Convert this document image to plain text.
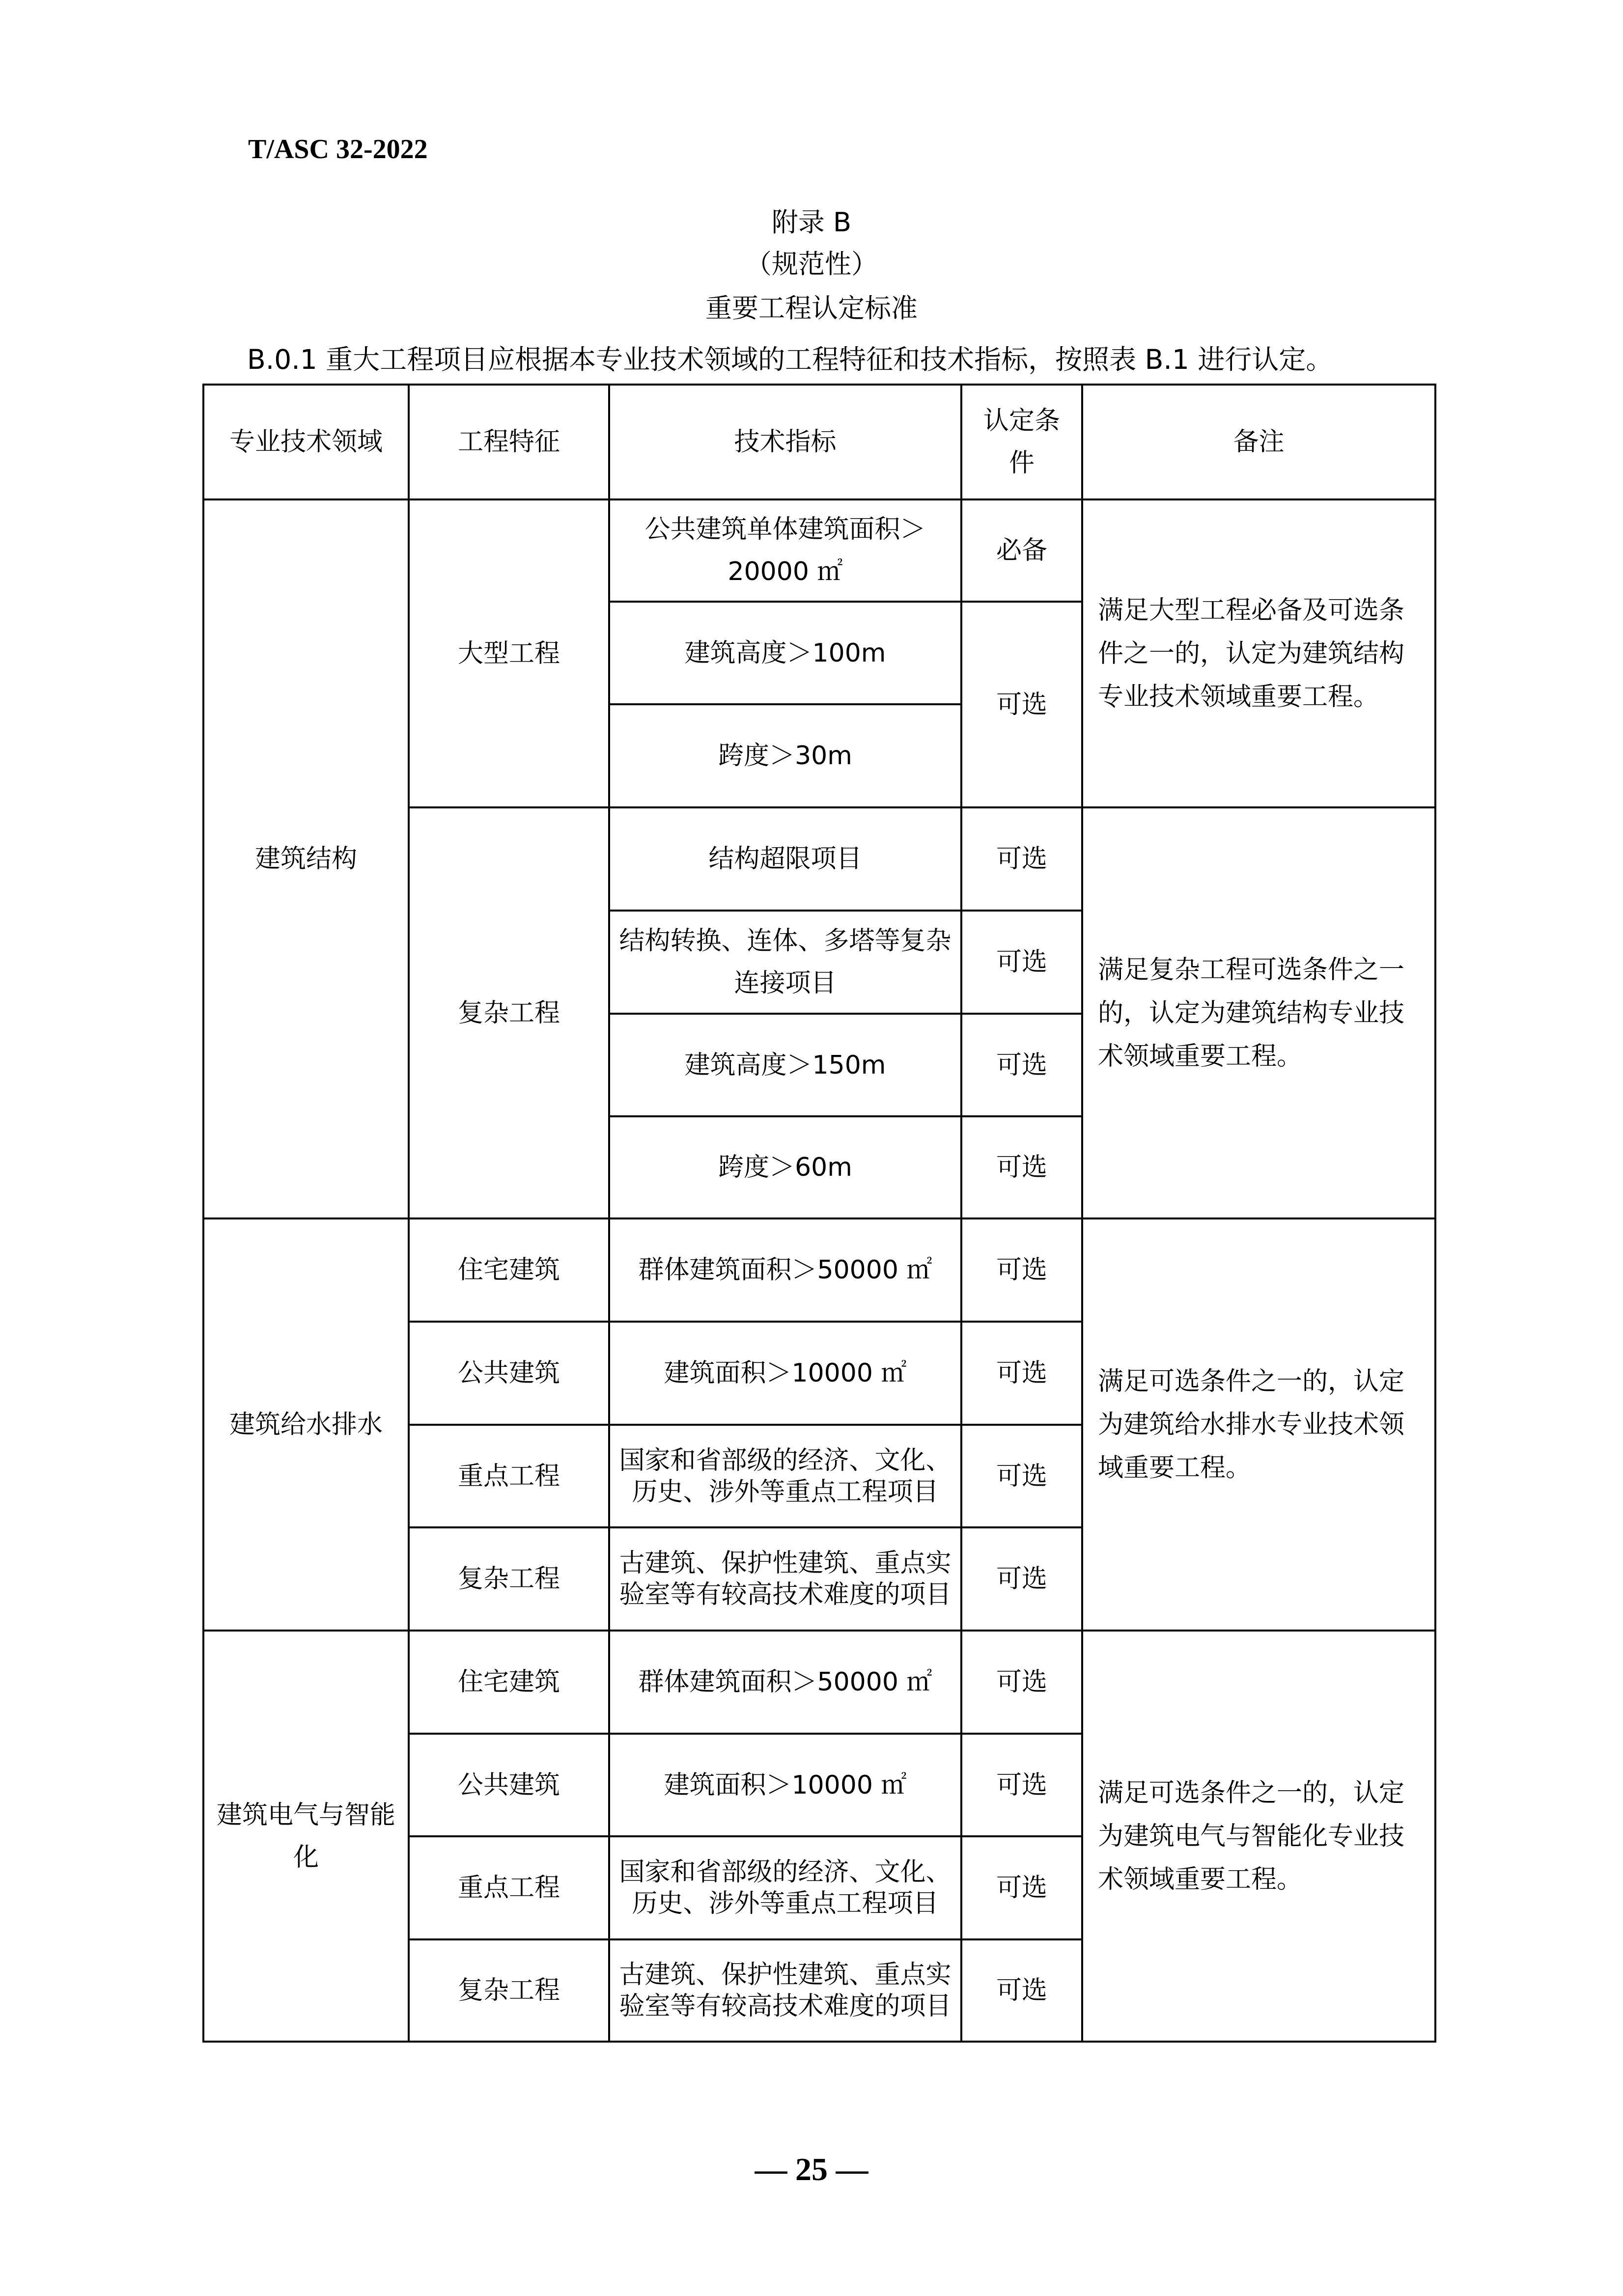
T/ASC 32-2022
附录 B
（规范性）
重要工程认定标准
B.0.1 重大工程项目应根据本专业技术领域的工程特征和技术指标，按照表 B.1 进行认定。
专业技术领域	工程特征	技术指标	认定条件	备注
建筑结构	大型工程	公共建筑单体建筑面积＞20000 ㎡	必备	满足大型工程必备及可选条件之一的，认定为建筑结构专业技术领域重要工程。
		建筑高度＞100m	可选	
		跨度＞30m		
	复杂工程	结构超限项目	可选	满足复杂工程可选条件之一的，认定为建筑结构专业技术领域重要工程。
		结构转换、连体、多塔等复杂连接项目	可选	
		建筑高度＞150m	可选	
		跨度＞60m	可选	
建筑给水排水	住宅建筑	群体建筑面积＞50000 ㎡	可选	满足可选条件之一的，认定为建筑给水排水专业技术领域重要工程。
	公共建筑	建筑面积＞10000 ㎡	可选	
	重点工程	国家和省部级的经济、文化、历史、涉外等重点工程项目	可选	
	复杂工程	古建筑、保护性建筑、重点实验室等有较高技术难度的项目	可选	
建筑电气与智能化	住宅建筑	群体建筑面积＞50000 ㎡	可选	满足可选条件之一的，认定为建筑电气与智能化专业技术领域重要工程。
	公共建筑	建筑面积＞10000 ㎡	可选	
	重点工程	国家和省部级的经济、文化、历史、涉外等重点工程项目	可选	
	复杂工程	古建筑、保护性建筑、重点实验室等有较高技术难度的项目	可选	
— 25 —
